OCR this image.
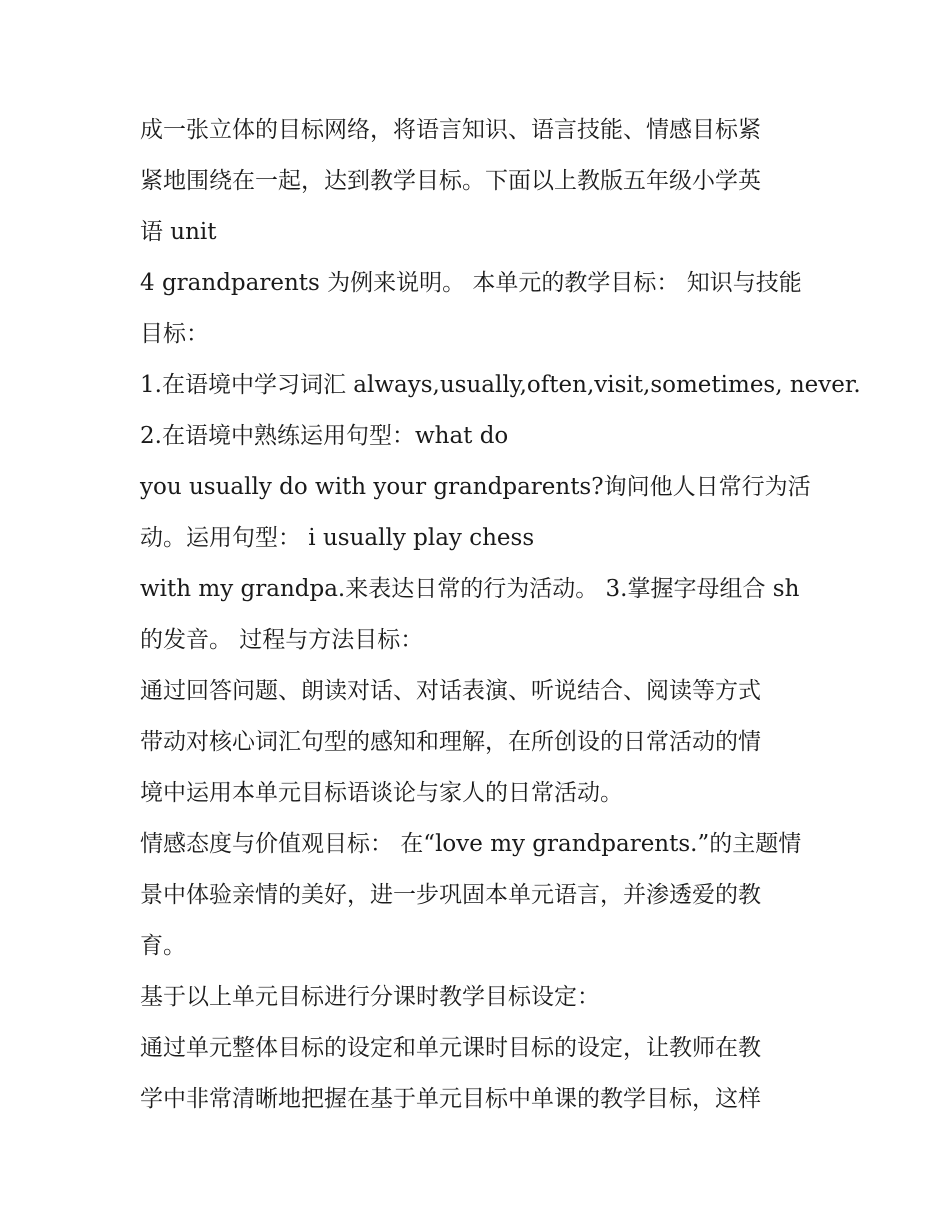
成一张立体的目标网络，将语言知识、语言技能、情感目标紧
紧地围绕在一起，达到教学目标。下面以上教版五年级小学英
语 unit
4 grandparents 为例来说明。 本单元的教学目标： 知识与技能
目标：
1.在语境中学习词汇 always,usually,often,visit,sometimes, never.
2.在语境中熟练运用句型：what do
you usually do with your grandparents?询问他人日常行为活
动。运用句型： i usually play chess
with my grandpa.来表达日常的行为活动。 3.掌握字母组合 sh
的发音。 过程与方法目标：
通过回答问题、朗读对话、对话表演、听说结合、阅读等方式
带动对核心词汇句型的感知和理解，在所创设的日常活动的情
境中运用本单元目标语谈论与家人的日常活动。
情感态度与价值观目标： 在“love my grandparents.”的主题情
景中体验亲情的美好，进一步巩固本单元语言，并渗透爱的教
育。
基于以上单元目标进行分课时教学目标设定：
通过单元整体目标的设定和单元课时目标的设定，让教师在教
学中非常清晰地把握在基于单元目标中单课的教学目标，这样
